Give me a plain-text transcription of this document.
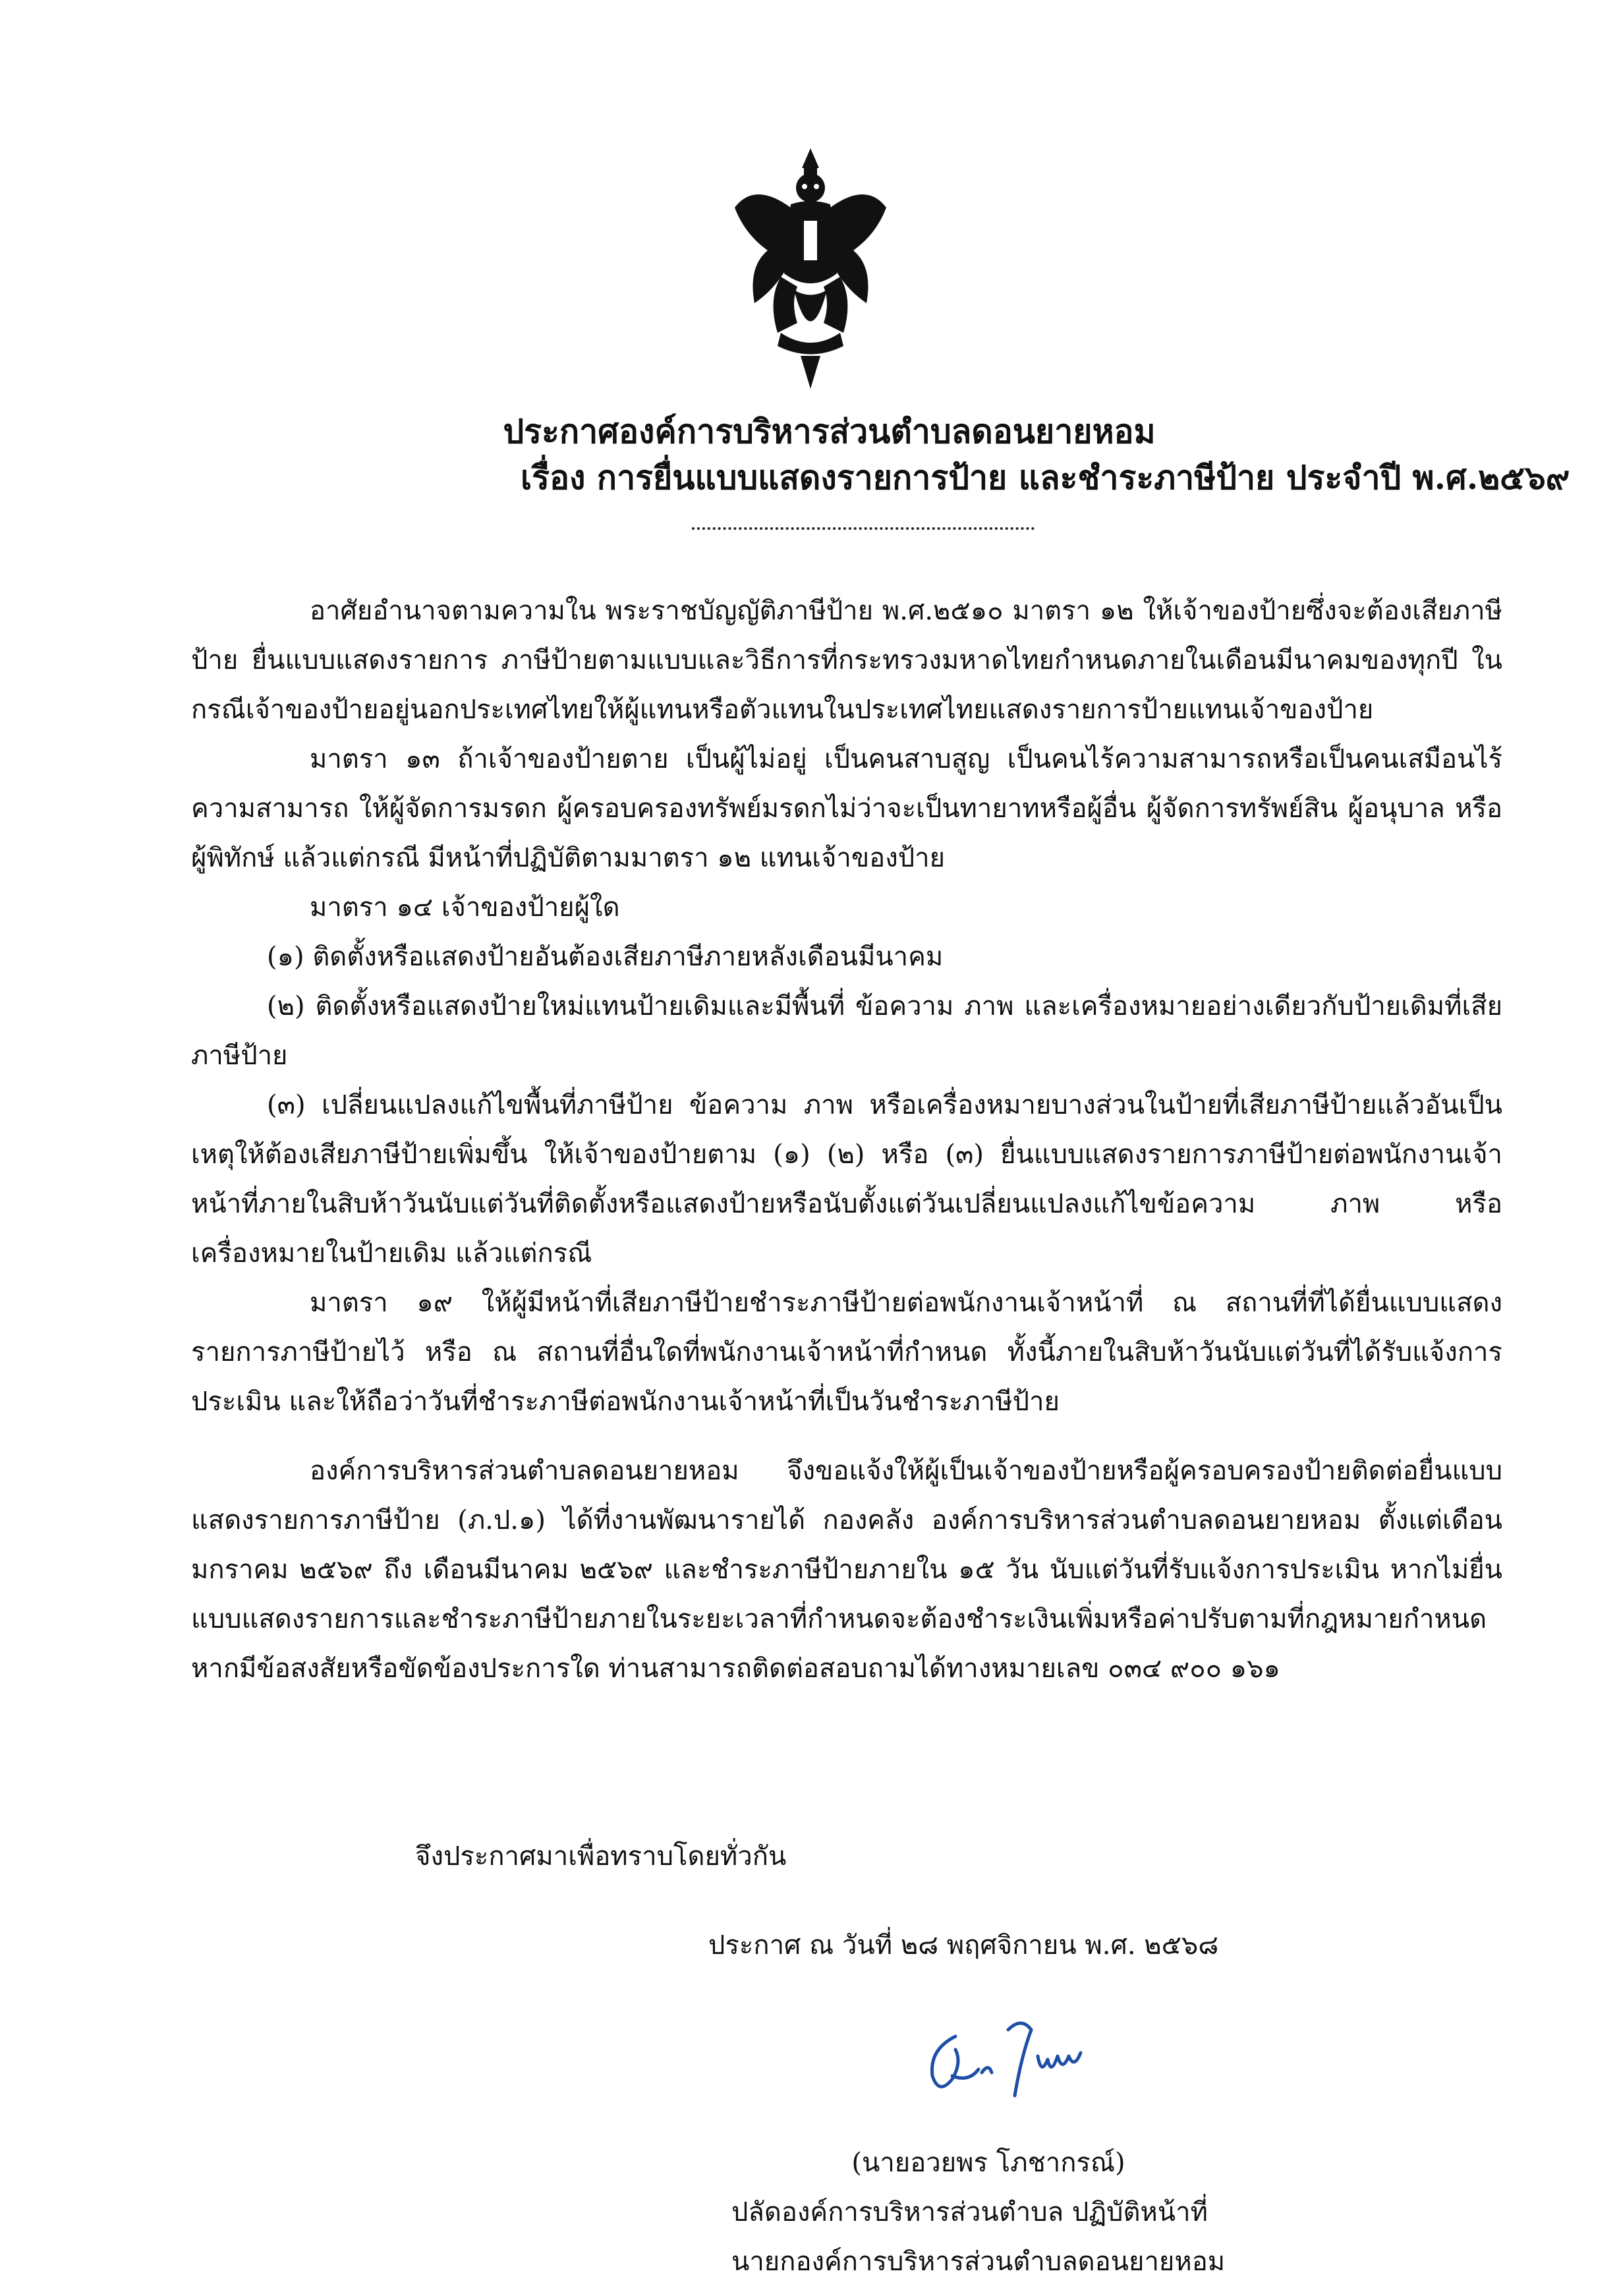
ประกาศองค์การบริหารส่วนตำบลดอนยายหอม
เรื่อง การยื่นแบบแสดงรายการป้าย และชำระภาษีป้าย ประจำปี พ.ศ.๒๕๖๙

อาศัยอำนาจตามความใน พระราชบัญญัติภาษีป้าย พ.ศ.๒๕๑๐ มาตรา ๑๒ ให้เจ้าของป้ายซึ่งจะต้องเสียภาษีป้าย ยื่นแบบแสดงรายการ ภาษีป้ายตามแบบและวิธีการที่กระทรวงมหาดไทยกำหนดภายในเดือนมีนาคมของทุกปี ในกรณีเจ้าของป้ายอยู่นอกประเทศไทยให้ผู้แทนหรือตัวแทนในประเทศไทยแสดงรายการป้ายแทนเจ้าของป้าย

มาตรา ๑๓ ถ้าเจ้าของป้ายตาย เป็นผู้ไม่อยู่ เป็นคนสาบสูญ เป็นคนไร้ความสามารถหรือเป็นคนเสมือนไร้ความสามารถ ให้ผู้จัดการมรดก ผู้ครอบครองทรัพย์มรดกไม่ว่าจะเป็นทายาทหรือผู้อื่น ผู้จัดการทรัพย์สิน ผู้อนุบาล หรือผู้พิทักษ์ แล้วแต่กรณี มีหน้าที่ปฏิบัติตามมาตรา ๑๒ แทนเจ้าของป้าย

มาตรา ๑๔ เจ้าของป้ายผู้ใด

(๑) ติดตั้งหรือแสดงป้ายอันต้องเสียภาษีภายหลังเดือนมีนาคม

(๒) ติดตั้งหรือแสดงป้ายใหม่แทนป้ายเดิมและมีพื้นที่ ข้อความ ภาพ และเครื่องหมายอย่างเดียวกับป้ายเดิมที่เสียภาษีป้าย

(๓) เปลี่ยนแปลงแก้ไขพื้นที่ภาษีป้าย ข้อความ ภาพ หรือเครื่องหมายบางส่วนในป้ายที่เสียภาษีป้ายแล้วอันเป็นเหตุให้ต้องเสียภาษีป้ายเพิ่มขึ้น ให้เจ้าของป้ายตาม (๑) (๒) หรือ (๓) ยื่นแบบแสดงรายการภาษีป้ายต่อพนักงานเจ้าหน้าที่ภายในสิบห้าวันนับแต่วันที่ติดตั้งหรือแสดงป้ายหรือนับตั้งแต่วันเปลี่ยนแปลงแก้ไขข้อความ ภาพ หรือเครื่องหมายในป้ายเดิม แล้วแต่กรณี

มาตรา ๑๙ ให้ผู้มีหน้าที่เสียภาษีป้ายชำระภาษีป้ายต่อพนักงานเจ้าหน้าที่ ณ สถานที่ที่ได้ยื่นแบบแสดงรายการภาษีป้ายไว้ หรือ ณ สถานที่อื่นใดที่พนักงานเจ้าหน้าที่กำหนด ทั้งนี้ภายในสิบห้าวันนับแต่วันที่ได้รับแจ้งการประเมิน และให้ถือว่าวันที่ชำระภาษีต่อพนักงานเจ้าหน้าที่เป็นวันชำระภาษีป้าย

องค์การบริหารส่วนตำบลดอนยายหอม จึงขอแจ้งให้ผู้เป็นเจ้าของป้ายหรือผู้ครอบครองป้ายติดต่อยื่นแบบแสดงรายการภาษีป้าย (ภ.ป.๑) ได้ที่งานพัฒนารายได้ กองคลัง องค์การบริหารส่วนตำบลดอนยายหอม ตั้งแต่เดือนมกราคม ๒๕๖๙ ถึง เดือนมีนาคม ๒๕๖๙ และชำระภาษีป้ายภายใน ๑๕ วัน นับแต่วันที่รับแจ้งการประเมิน หากไม่ยื่นแบบแสดงรายการและชำระภาษีป้ายภายในระยะเวลาที่กำหนดจะต้องชำระเงินเพิ่มหรือค่าปรับตามที่กฎหมายกำหนด หากมีข้อสงสัยหรือขัดข้องประการใด ท่านสามารถติดต่อสอบถามได้ทางหมายเลข ๐๓๔ ๙๐๐ ๑๖๑

จึงประกาศมาเพื่อทราบโดยทั่วกัน
ประกาศ ณ วันที่ ๒๘ พฤศจิกายน พ.ศ. ๒๕๖๘
(นายอวยพร โภชากรณ์)
ปลัดองค์การบริหารส่วนตำบล ปฏิบัติหน้าที่
นายกองค์การบริหารส่วนตำบลดอนยายหอม
